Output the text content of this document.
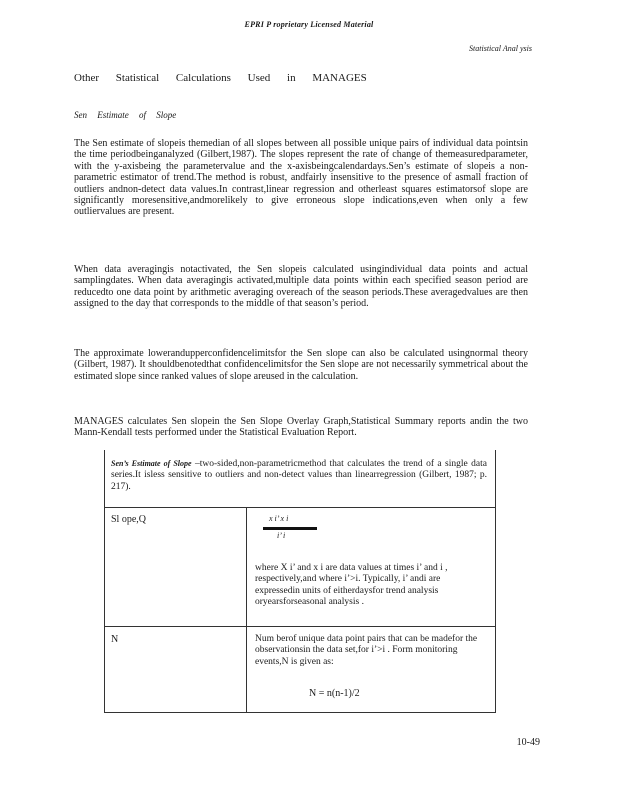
EPRI P roprietary Licensed Material
Statistical Anal ysis
Other Statistical Calculations Used in MANAGES
Sen Estimate of Slope

The Sen estimate of slopeis themedian of all slopes between all possible unique pairs of individual data pointsin the time periodbeinganalyzed (Gilbert,1987). The slopes represent the rate of change of themeasuredparameter, with the y-axisbeing the parametervalue and the x-axisbeingcalendardays.Sen’s estimate of slopeis a non-parametric estimator of trend.The method is robust, andfairly insensitive to the presence of asmall fraction of outliers andnon-detect data values.In contrast,linear regression and otherleast squares estimatorsof slope are significantly moresensitive,andmorelikely to give erroneous slope indications,even when only a few outliervalues are present.

When data averagingis notactivated, the Sen slopeis calculated usingindividual data points and actual samplingdates. When data averagingis activated,multiple data points within each specified season period are reducedto one data point by arithmetic averaging overeach of the season periods.These averagedvalues are then assigned to the day that corresponds to the middle of that season’s period.

The approximate lowerandupperconfidencelimitsfor the Sen slope can also be calculated usingnormal theory (Gilbert, 1987). It shouldbenotedthat confidencelimitsfor the Sen slope are not necessarily symmetrical about the estimated slope since ranked values of slope areused in the calculation.

MANAGES calculates Sen slopein the Sen Slope Overlay Graph,Statistical Summary reports andin the two Mann-Kendall tests performed under the Statistical Evaluation Report.

Sen’s Estimate of Slope –two-sided,non-parametricmethod that calculates the trend of a single data series.It isless sensitive to outliers and non-detect values than linearregression (Gilbert, 1987; p. 217).

Sl ope,Q	x i’ x i
i’ i

where X i’ and x i are data values at times i’ and i , respectively,and where i’>i. Typically, i’ andi are expressedin units of eitherdaysfor trend analysis oryearsforseasonal analysis .

N	Num berof unique data point pairs that can be madefor the observationsin the data set,for i’>i . Form monitoring events,N is given as:

N = n(n-1)/2
10-49
